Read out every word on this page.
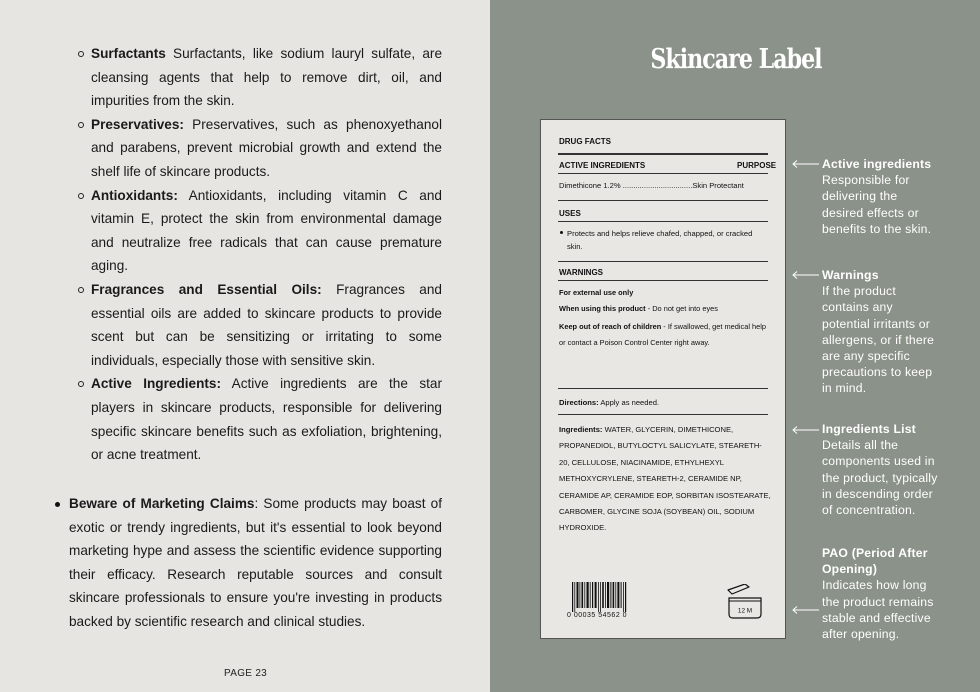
Surfactants Surfactants, like sodium lauryl sulfate, are cleansing agents that help to remove dirt, oil, and impurities from the skin.
Preservatives: Preservatives, such as phenoxyethanol and parabens, prevent microbial growth and extend the shelf life of skincare products.
Antioxidants: Antioxidants, including vitamin C and vitamin E, protect the skin from environmental damage and neutralize free radicals that can cause premature aging.
Fragrances and Essential Oils: Fragrances and essential oils are added to skincare products to provide scent but can be sensitizing or irritating to some individuals, especially those with sensitive skin.
Active Ingredients: Active ingredients are the star players in skincare products, responsible for delivering specific skincare benefits such as exfoliation, brightening, or acne treatment.

Beware of Marketing Claims: Some products may boast of exotic or trendy ingredients, but it's essential to look beyond marketing hype and assess the scientific evidence supporting their efficacy. Research reputable sources and consult skincare professionals to ensure you're investing in products backed by scientific research and clinical studies.

PAGE 23
Skincare Label
DRUG FACTS
ACTIVE INGREDIENTS	PURPOSE
Dimethicone 1.2% .................................Skin Protectant
USES
Protects and helps relieve chafed, chapped, or cracked skin.
WARNINGS
For external use only
When using this product - Do not get into eyes
Keep out of reach of children - If swallowed, get medical help or contact a Poison Control Center right away.
Directions: Apply as needed.
Ingredients: WATER, GLYCERIN, DIMETHICONE, PROPANEDIOL, BUTYLOCTYL SALICYLATE, STEARETH-20, CELLULOSE, NIACINAMIDE, ETHYLHEXYL METHOXYCRYLENE, STEARETH-2, CERAMIDE NP, CERAMIDE AP, CERAMIDE EOP, SORBITAN ISOSTEARATE, CARBOMER, GLYCINE SOJA (SOYBEAN) OIL, SODIUM HYDROXIDE.
0 00035 54562 0
12 M
Active ingredients
Responsible for delivering the desired effects or benefits to the skin.
Warnings
If the product contains any potential irritants or allergens, or if there are any specific precautions to keep in mind.
Ingredients List
Details all the components used in the product, typically in descending order of concentration.
PAO (Period After Opening)
Indicates how long the product remains stable and effective after opening.
